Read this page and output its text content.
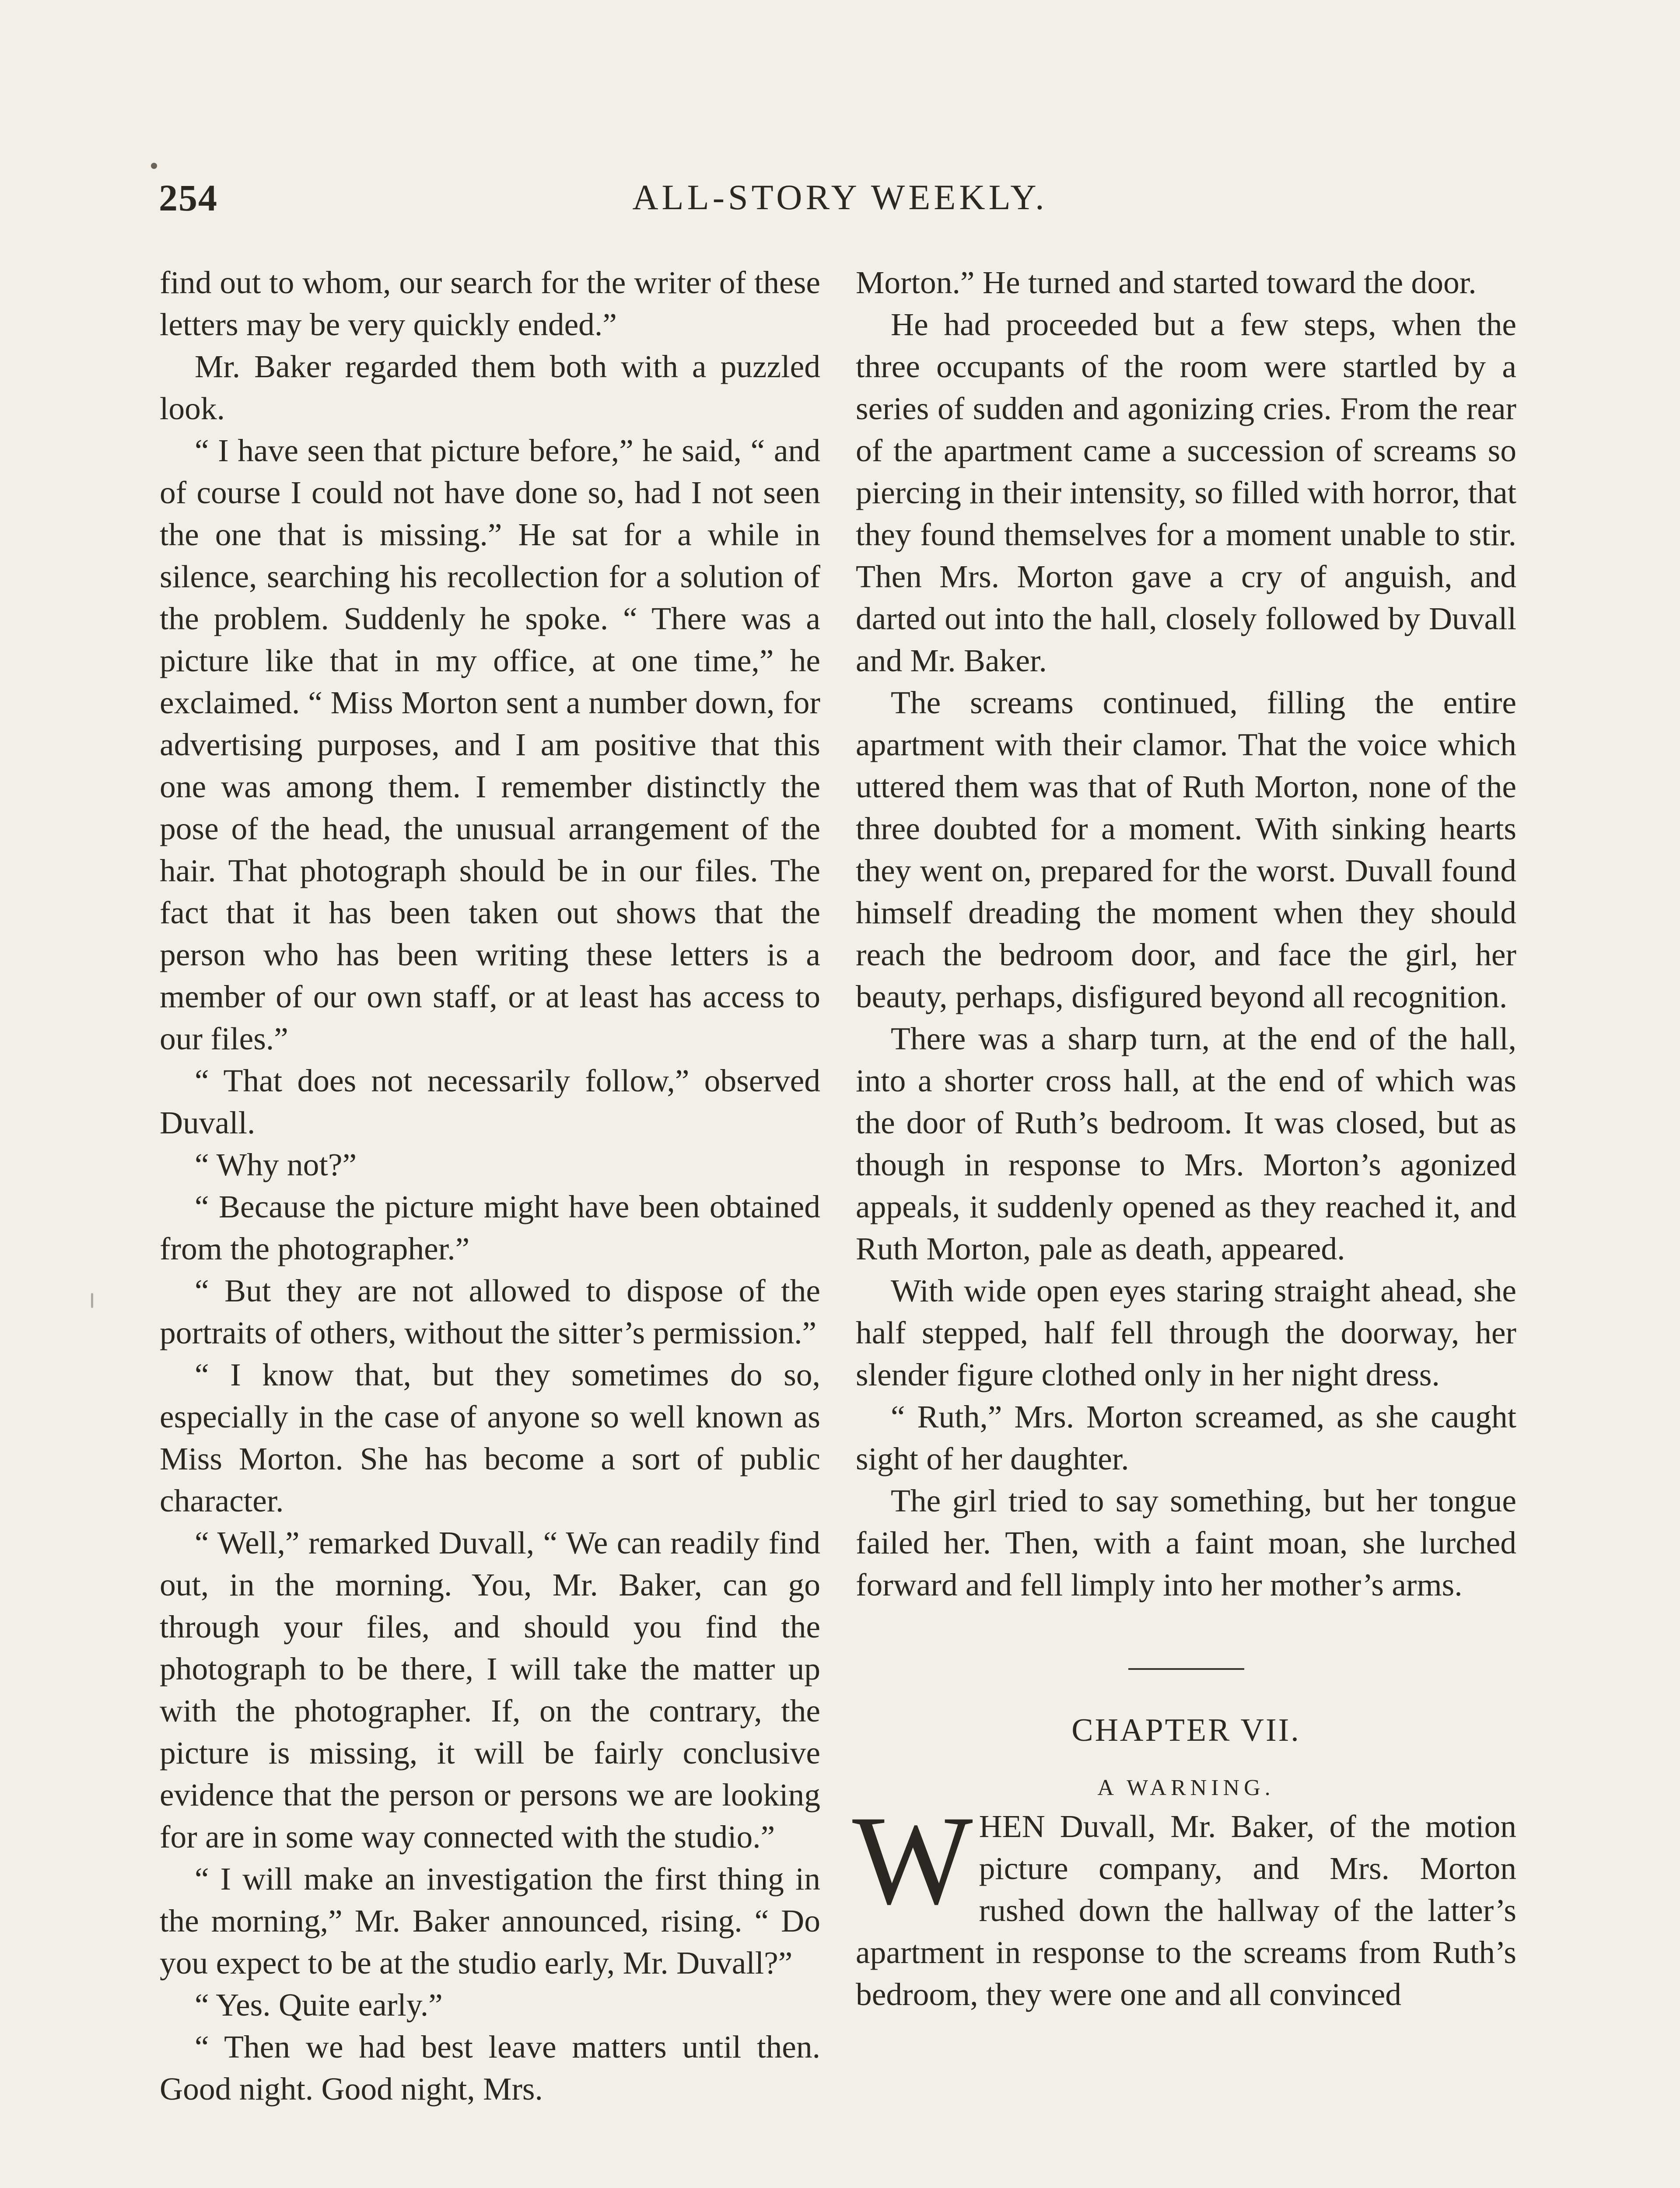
254	ALL-STORY WEEKLY.

find out to whom, our search for the writer of these letters may be very quickly ended.”

Mr. Baker regarded them both with a puzzled look.

“ I have seen that picture before,” he said, “ and of course I could not have done so, had I not seen the one that is missing.” He sat for a while in silence, searching his recollection for a solution of the problem. Suddenly he spoke. “ There was a picture like that in my office, at one time,” he exclaimed. “ Miss Morton sent a number down, for advertising purposes, and I am positive that this one was among them. I remember distinctly the pose of the head, the unusual arrangement of the hair. That photograph should be in our files. The fact that it has been taken out shows that the person who has been writing these letters is a member of our own staff, or at least has access to our files.”

“ That does not necessarily follow,” observed Duvall.

“ Why not?”

“ Because the picture might have been obtained from the photographer.”

“ But they are not allowed to dispose of the portraits of others, without the sitter’s permission.”

“ I know that, but they sometimes do so, especially in the case of anyone so well known as Miss Morton. She has become a sort of public character.

“ Well,” remarked Duvall, “ We can readily find out, in the morning. You, Mr. Baker, can go through your files, and should you find the photograph to be there, I will take the matter up with the photographer. If, on the contrary, the picture is missing, it will be fairly conclusive evidence that the person or persons we are looking for are in some way connected with the studio.”

“ I will make an investigation the first thing in the morning,” Mr. Baker announced, rising. “ Do you expect to be at the studio early, Mr. Duvall?”

“ Yes. Quite early.”

“ Then we had best leave matters until then. Good night. Good night, Mrs.

Morton.” He turned and started toward the door.

He had proceeded but a few steps, when the three occupants of the room were startled by a series of sudden and agonizing cries. From the rear of the apartment came a succession of screams so piercing in their intensity, so filled with horror, that they found themselves for a moment unable to stir. Then Mrs. Morton gave a cry of anguish, and darted out into the hall, closely followed by Duvall and Mr. Baker.

The screams continued, filling the entire apartment with their clamor. That the voice which uttered them was that of Ruth Morton, none of the three doubted for a moment. With sinking hearts they went on, prepared for the worst. Duvall found himself dreading the moment when they should reach the bedroom door, and face the girl, her beauty, perhaps, disfigured beyond all recognition.

There was a sharp turn, at the end of the hall, into a shorter cross hall, at the end of which was the door of Ruth’s bedroom. It was closed, but as though in response to Mrs. Morton’s agonized appeals, it suddenly opened as they reached it, and Ruth Morton, pale as death, appeared.

With wide open eyes staring straight ahead, she half stepped, half fell through the doorway, her slender figure clothed only in her night dress.

“ Ruth,” Mrs. Morton screamed, as she caught sight of her daughter.

The girl tried to say something, but her tongue failed her. Then, with a faint moan, she lurched forward and fell limply into her mother’s arms.

CHAPTER VII.
A WARNING.

WHEN Duvall, Mr. Baker, of the motion picture company, and Mrs. Morton rushed down the hallway of the latter’s apartment in response to the screams from Ruth’s bedroom, they were one and all convinced
